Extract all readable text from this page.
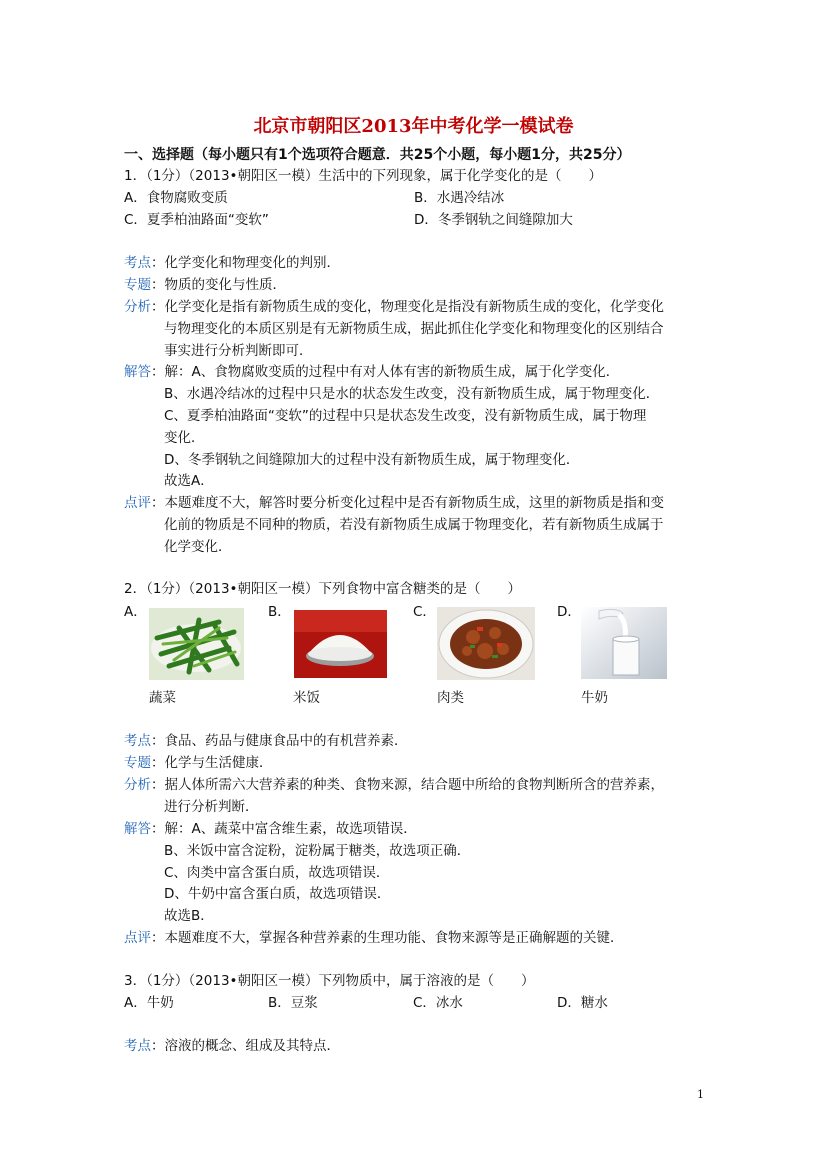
北京市朝阳区2013年中考化学一模试卷
一、选择题（每小题只有1个选项符合题意．共25个小题，每小题1分，共25分）
1．（1分）（2013•朝阳区一模）生活中的下列现象，属于化学变化的是（　　）
A．食物腐败变质	B．水遇冷结冰
C．夏季柏油路面“变软”	D．冬季钢轨之间缝隙加大
考点：化学变化和物理变化的判别．
专题：物质的变化与性质．
分析：化学变化是指有新物质生成的变化，物理变化是指没有新物质生成的变化，化学变化
与物理变化的本质区别是有无新物质生成，据此抓住化学变化和物理变化的区别结合
事实进行分析判断即可．
解答：解：A、食物腐败变质的过程中有对人体有害的新物质生成，属于化学变化．
B、水遇冷结冰的过程中只是水的状态发生改变，没有新物质生成，属于物理变化．
C、夏季柏油路面“变软”的过程中只是状态发生改变，没有新物质生成，属于物理
变化．
D、冬季钢轨之间缝隙加大的过程中没有新物质生成，属于物理变化．
故选A．
点评：本题难度不大，解答时要分析变化过程中是否有新物质生成，这里的新物质是指和变
化前的物质是不同种的物质，若没有新物质生成属于物理变化，若有新物质生成属于
化学变化．
2．（1分）（2013•朝阳区一模）下列食物中富含糖类的是（　　）
A．	B．	C．	D．
蔬菜	米饭	肉类	牛奶
考点：食品、药品与健康食品中的有机营养素．
专题：化学与生活健康．
分析：据人体所需六大营养素的种类、食物来源，结合题中所给的食物判断所含的营养素，
进行分析判断．
解答：解：A、蔬菜中富含维生素，故选项错误．
B、米饭中富含淀粉，淀粉属于糖类，故选项正确．
C、肉类中富含蛋白质，故选项错误．
D、牛奶中富含蛋白质，故选项错误．
故选B．
点评：本题难度不大，掌握各种营养素的生理功能、食物来源等是正确解题的关键．
3．（1分）（2013•朝阳区一模）下列物质中，属于溶液的是（　　）
A．牛奶	B．豆浆	C．冰水	D．糖水
考点：溶液的概念、组成及其特点．
1
